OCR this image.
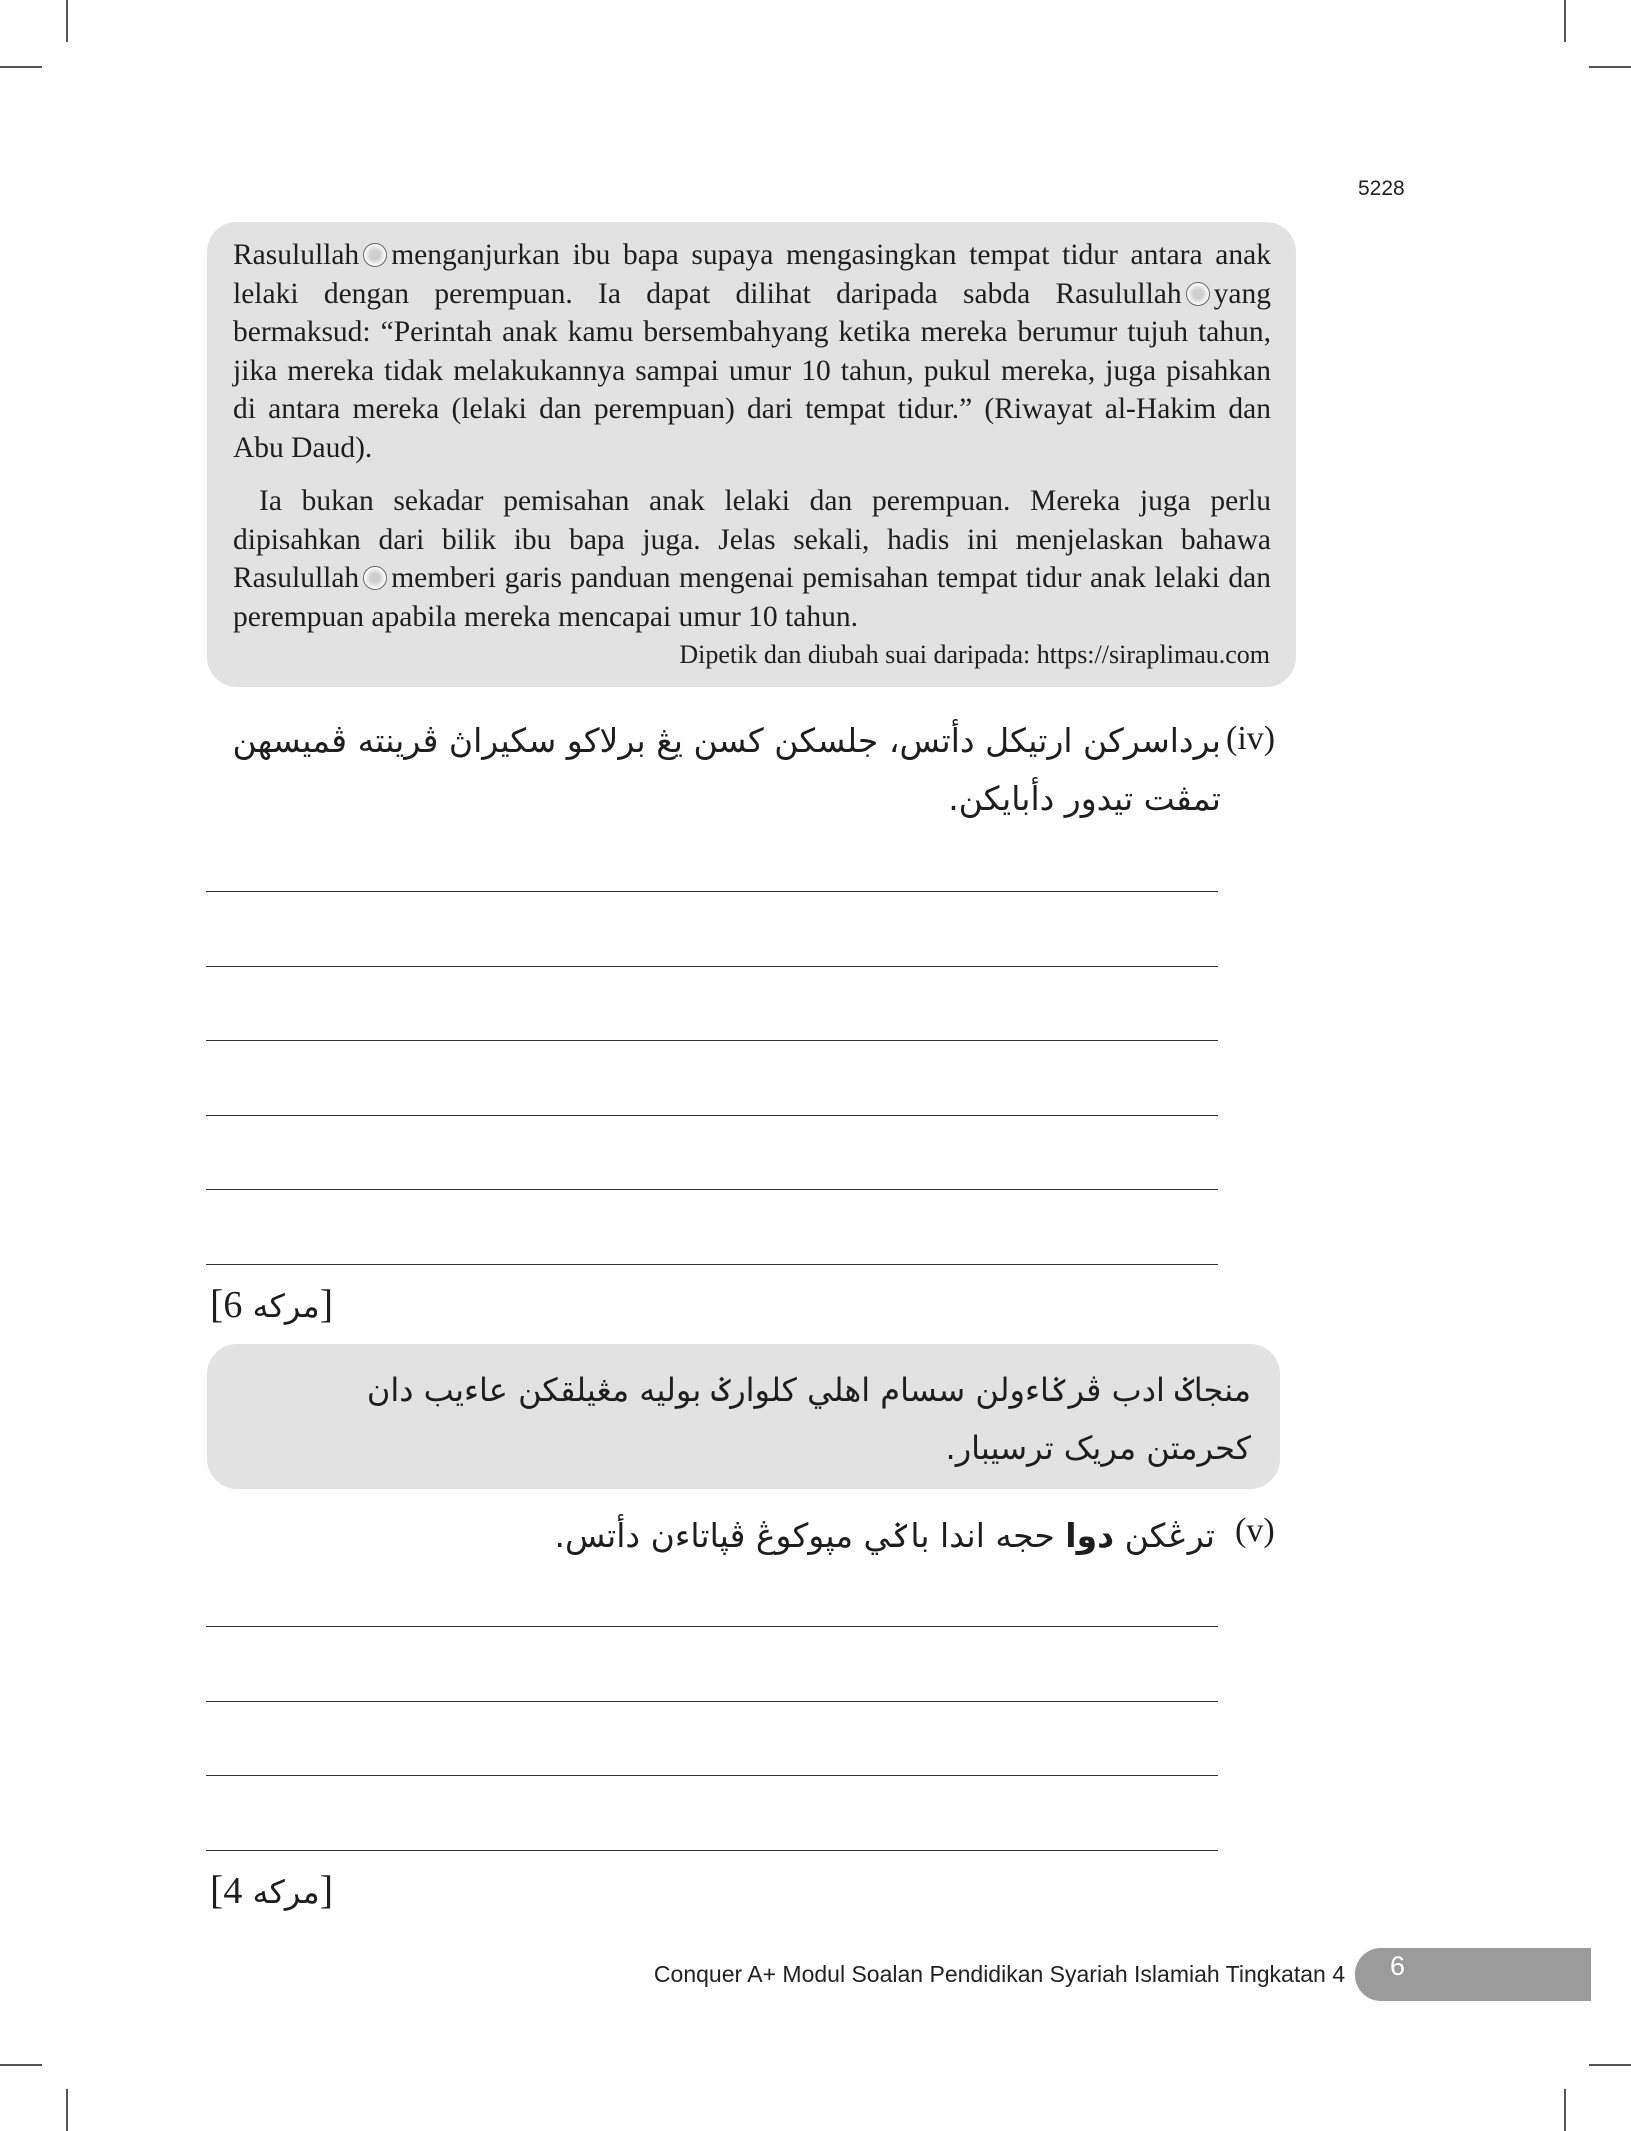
5228

Rasulullah menganjurkan ibu bapa supaya mengasingkan tempat tidur antara anak lelaki dengan perempuan. Ia dapat dilihat daripada sabda Rasulullah yang bermaksud: “Perintah anak kamu bersembahyang ketika mereka berumur tujuh tahun, jika mereka tidak melakukannya sampai umur 10 tahun, pukul mereka, juga pisahkan di antara mereka (lelaki dan perempuan) dari tempat tidur.” (Riwayat al-Hakim dan Abu Daud).

Ia bukan sekadar pemisahan anak lelaki dan perempuan. Mereka juga perlu dipisahkan dari bilik ibu bapa juga. Jelas sekali, hadis ini menjelaskan bahawa Rasulullah memberi garis panduan mengenai pemisahan tempat tidur anak lelaki dan perempuan apabila mereka mencapai umur 10 tahun.

Dipetik dan diubah suai daripada: https://siraplimau.com
(iv)
برداسرکن ارتيکل دأتس، جلسکن کسن يڠ برلاکو سکيراڽ ڤرينته ڤميسهن
تمڤت تيدور دأبايکن.
[6 مرکه]
منجاݢ ادب ڤرݢاءولن سسام اهلي کلوارݢ بوليه مڠيلقکن عاءيب دان
کحرمتن مريک ترسيبار.
(v)
ترڠکن دوا حجه اندا باݢي مپوکوڠ ڤپاتاءن دأتس.
[4 مرکه]
Conquer A+ Modul Soalan Pendidikan Syariah Islamiah Tingkatan 4 6
